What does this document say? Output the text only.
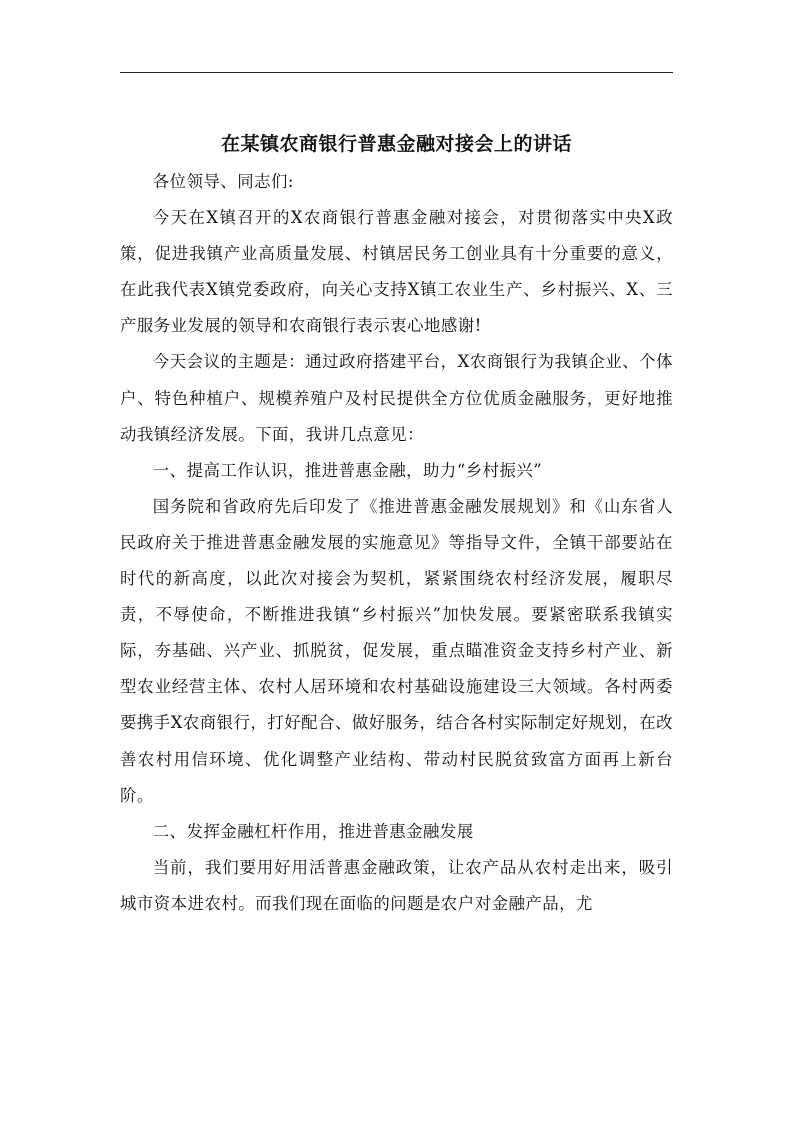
在某镇农商银行普惠金融对接会上的讲话

各位领导、同志们:

今天在X镇召开的X农商银行普惠金融对接会，对贯彻落实中央X政策，促进我镇产业高质量发展、村镇居民务工创业具有十分重要的意义，在此我代表X镇党委政府，向关心支持X镇工农业生产、乡村振兴、X、三产服务业发展的领导和农商银行表示衷心地感谢!

今天会议的主题是：通过政府搭建平台，X农商银行为我镇企业、个体户、特色种植户、规模养殖户及村民提供全方位优质金融服务，更好地推动我镇经济发展。下面，我讲几点意见：

一、提高工作认识，推进普惠金融，助力“乡村振兴”

国务院和省政府先后印发了《推进普惠金融发展规划》和《山东省人民政府关于推进普惠金融发展的实施意见》等指导文件，全镇干部要站在时代的新高度，以此次对接会为契机，紧紧围绕农村经济发展，履职尽责，不辱使命，不断推进我镇“乡村振兴”加快发展。要紧密联系我镇实际，夯基础、兴产业、抓脱贫，促发展，重点瞄准资金支持乡村产业、新型农业经营主体、农村人居环境和农村基础设施建设三大领域。各村两委要携手X农商银行，打好配合、做好服务，结合各村实际制定好规划，在改善农村用信环境、优化调整产业结构、带动村民脱贫致富方面再上新台阶。

二、发挥金融杠杆作用，推进普惠金融发展

当前，我们要用好用活普惠金融政策，让农产品从农村走出来，吸引城市资本进农村。而我们现在面临的问题是农户对金融产品，尤
